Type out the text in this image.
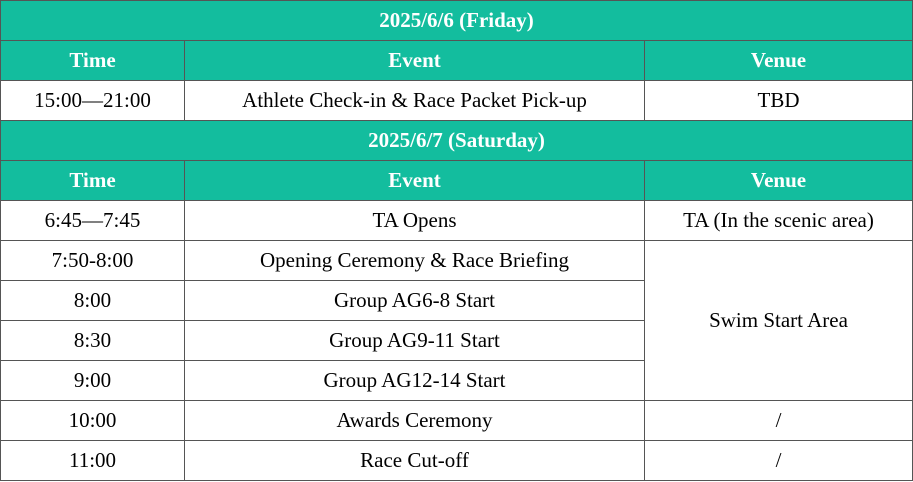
2025/6/6 (Friday)		
Time	Event	Venue
15:00—21:00	Athlete Check-in & Race Packet Pick-up	TBD
2025/6/7 (Saturday)		
Time	Event	Venue
6:45—7:45	TA Opens	TA (In the scenic area)
7:50-8:00	Opening Ceremony & Race Briefing	Swim Start Area
8:00	Group AG6-8 Start	
8:30	Group AG9-11 Start	
9:00	Group AG12-14 Start	
10:00	Awards Ceremony	/
11:00	Race Cut-off	/
